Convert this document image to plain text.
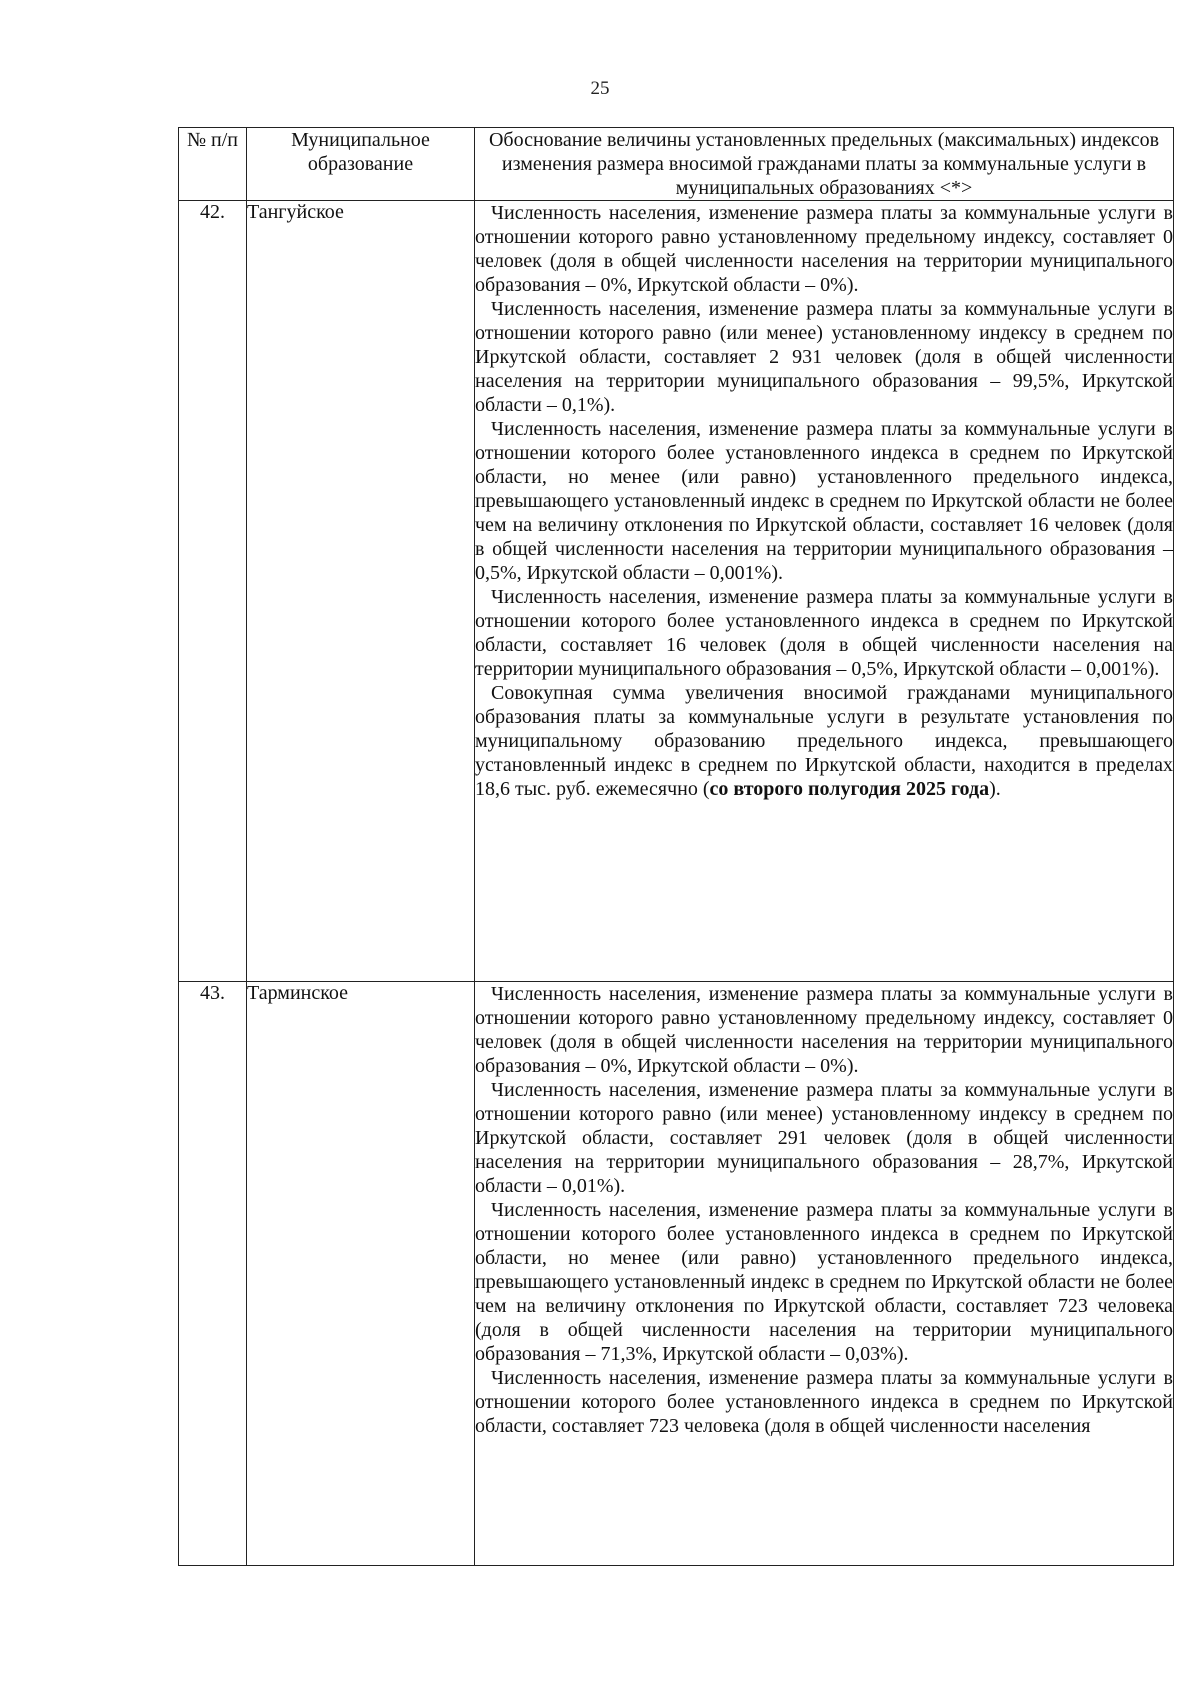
25
№ п/п	Муниципальное образование	Обоснование величины установленных предельных (максимальных) индексов изменения размера вносимой гражданами платы за коммунальные услуги в муниципальных образованиях <*>
42.	Тангуйское	Численность населения, изменение размера платы за коммунальные услуги в отношении которого равно установленному предельному индексу, составляет 0 человек (доля в общей численности населения на территории муниципального образования – 0%, Иркутской области – 0%).

Численность населения, изменение размера платы за коммунальные услуги в отношении которого равно (или менее) установленному индексу в среднем по Иркутской области, составляет 2 931 человек (доля в общей численности населения на территории муниципального образования – 99,5%, Иркутской области – 0,1%).

Численность населения, изменение размера платы за коммунальные услуги в отношении которого более установленного индекса в среднем по Иркутской области, но менее (или равно) установленного предельного индекса, превышающего установленный индекс в среднем по Иркутской области не более чем на величину отклонения по Иркутской области, составляет 16 человек (доля в общей численности населения на территории муниципального образования – 0,5%, Иркутской области – 0,001%).

Численность населения, изменение размера платы за коммунальные услуги в отношении которого более установленного индекса в среднем по Иркутской области, составляет 16 человек (доля в общей численности населения на территории муниципального образования – 0,5%, Иркутской области – 0,001%).

Совокупная сумма увеличения вносимой гражданами муниципального образования платы за коммунальные услуги в результате установления по муниципальному образованию предельного индекса, превышающего установленный индекс в среднем по Иркутской области, находится в пределах 18,6 тыс. руб. ежемесячно (со второго полугодия 2025 года).

43.	Тарминское	Численность населения, изменение размера платы за коммунальные услуги в отношении которого равно установленному предельному индексу, составляет 0 человек (доля в общей численности населения на территории муниципального образования – 0%, Иркутской области – 0%).

Численность населения, изменение размера платы за коммунальные услуги в отношении которого равно (или менее) установленному индексу в среднем по Иркутской области, составляет 291 человек (доля в общей численности населения на территории муниципального образования – 28,7%, Иркутской области – 0,01%).

Численность населения, изменение размера платы за коммунальные услуги в отношении которого более установленного индекса в среднем по Иркутской области, но менее (или равно) установленного предельного индекса, превышающего установленный индекс в среднем по Иркутской области не более чем на величину отклонения по Иркутской области, составляет 723 человека (доля в общей численности населения на территории муниципального образования – 71,3%, Иркутской области – 0,03%).

Численность населения, изменение размера платы за коммунальные услуги в отношении которого более установленного индекса в среднем по Иркутской области, составляет 723 человека (доля в общей численности населения
